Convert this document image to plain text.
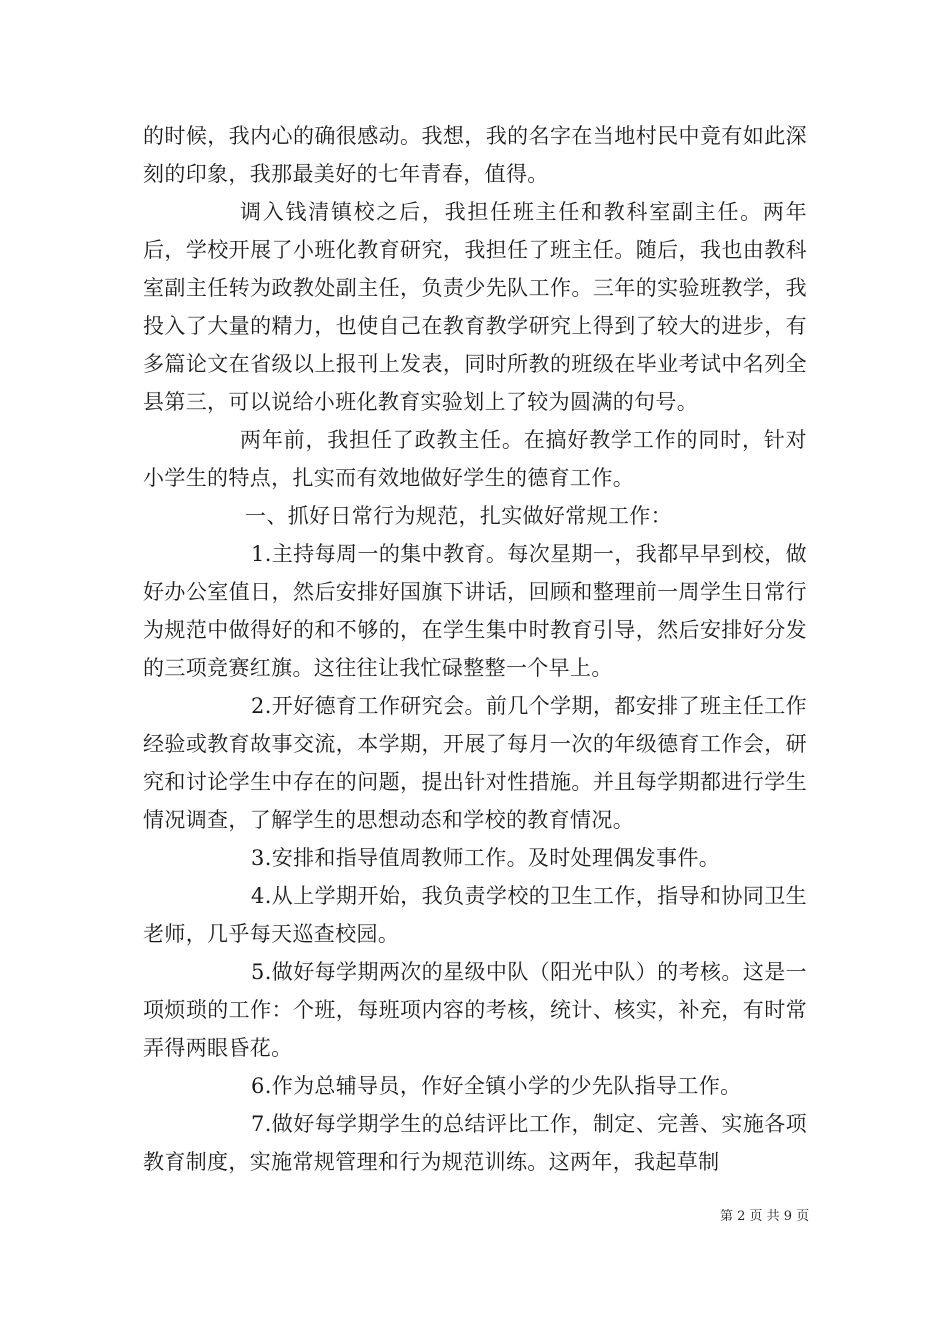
的时候，我内心的确很感动。我想，我的名字在当地村民中竟有如此深刻的印象，我那最美好的七年青春，值得。

调入钱清镇校之后，我担任班主任和教科室副主任。两年后，学校开展了小班化教育研究，我担任了班主任。随后，我也由教科室副主任转为政教处副主任，负责少先队工作。三年的实验班教学，我投入了大量的精力，也使自己在教育教学研究上得到了较大的进步，有多篇论文在省级以上报刊上发表，同时所教的班级在毕业考试中名列全县第三，可以说给小班化教育实验划上了较为圆满的句号。

两年前，我担任了政教主任。在搞好教学工作的同时，针对小学生的特点，扎实而有效地做好学生的德育工作。

一、抓好日常行为规范，扎实做好常规工作：

1.主持每周一的集中教育。每次星期一，我都早早到校，做好办公室值日，然后安排好国旗下讲话，回顾和整理前一周学生日常行为规范中做得好的和不够的，在学生集中时教育引导，然后安排好分发的三项竞赛红旗。这往往让我忙碌整整一个早上。

2.开好德育工作研究会。前几个学期，都安排了班主任工作经验或教育故事交流，本学期，开展了每月一次的年级德育工作会，研究和讨论学生中存在的问题，提出针对性措施。并且每学期都进行学生情况调查，了解学生的思想动态和学校的教育情况。

3.安排和指导值周教师工作。及时处理偶发事件。

4.从上学期开始，我负责学校的卫生工作，指导和协同卫生老师，几乎每天巡查校园。

5.做好每学期两次的星级中队（阳光中队）的考核。这是一项烦琐的工作：个班，每班项内容的考核，统计、核实，补充，有时常弄得两眼昏花。

6.作为总辅导员，作好全镇小学的少先队指导工作。

7.做好每学期学生的总结评比工作，制定、完善、实施各项教育制度，实施常规管理和行为规范训练。这两年，我起草制

第 2 页 共 9 页
